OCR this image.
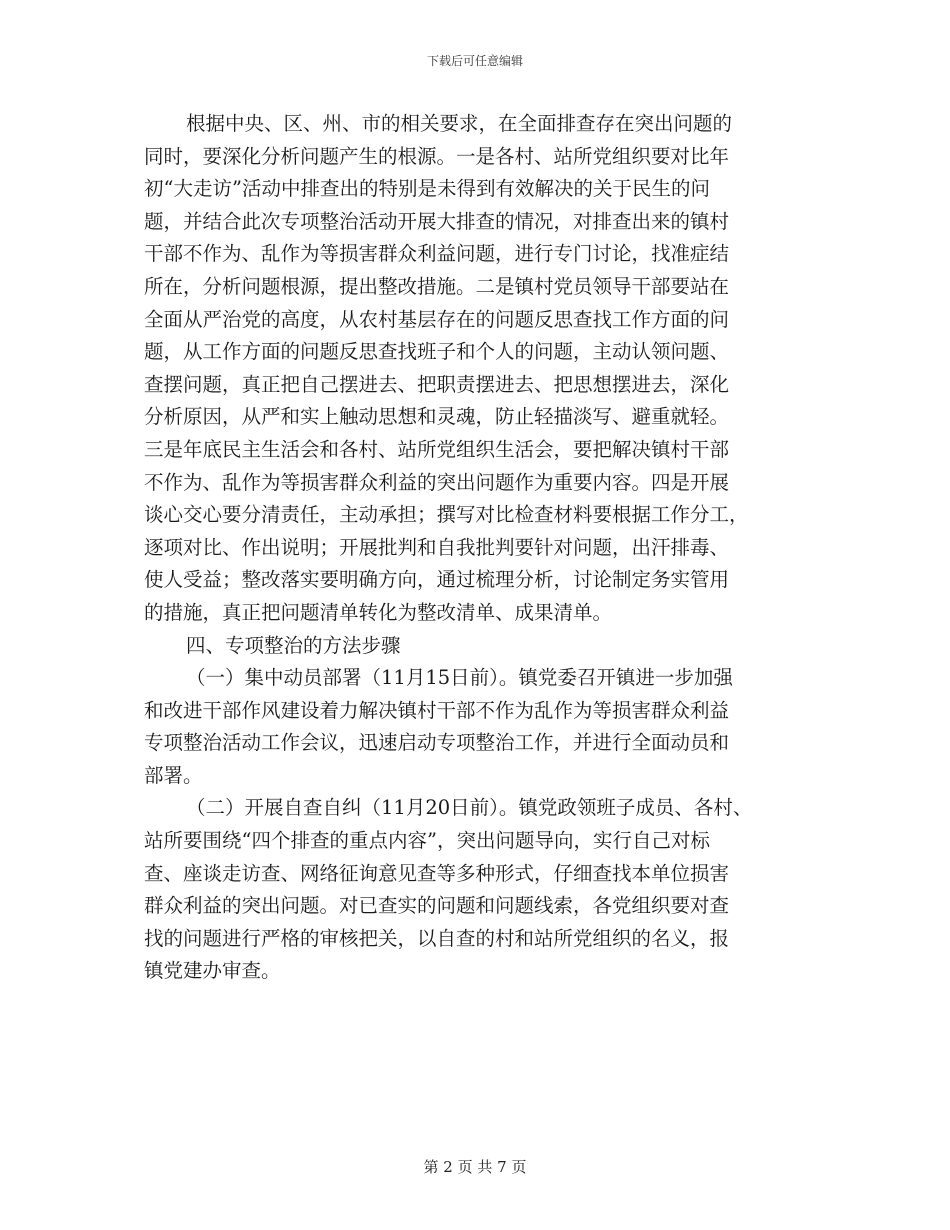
下载后可任意编辑
根据中央、区、州、市的相关要求，在全面排查存在突出问题的
同时，要深化分析问题产生的根源。一是各村、站所党组织要对比年
初“大走访”活动中排查出的特别是未得到有效解决的关于民生的问
题，并结合此次专项整治活动开展大排查的情况，对排查出来的镇村
干部不作为、乱作为等损害群众利益问题，进行专门讨论，找准症结
所在，分析问题根源，提出整改措施。二是镇村党员领导干部要站在
全面从严治党的高度，从农村基层存在的问题反思查找工作方面的问
题，从工作方面的问题反思查找班子和个人的问题，主动认领问题、
查摆问题，真正把自己摆进去、把职责摆进去、把思想摆进去，深化
分析原因，从严和实上触动思想和灵魂，防止轻描淡写、避重就轻。
三是年底民主生活会和各村、站所党组织生活会，要把解决镇村干部
不作为、乱作为等损害群众利益的突出问题作为重要内容。四是开展
谈心交心要分清责任，主动承担；撰写对比检查材料要根据工作分工，
逐项对比、作出说明；开展批判和自我批判要针对问题，出汗排毒、
使人受益；整改落实要明确方向，通过梳理分析，讨论制定务实管用
的措施，真正把问题清单转化为整改清单、成果清单。
四、专项整治的方法步骤
（一）集中动员部署（11月15日前）。镇党委召开镇进一步加强
和改进干部作风建设着力解决镇村干部不作为乱作为等损害群众利益
专项整治活动工作会议，迅速启动专项整治工作，并进行全面动员和
部署。
（二）开展自查自纠（11月20日前）。镇党政领班子成员、各村、
站所要围绕“四个排查的重点内容”，突出问题导向，实行自己对标
查、座谈走访查、网络征询意见查等多种形式，仔细查找本单位损害
群众利益的突出问题。对已查实的问题和问题线索，各党组织要对查
找的问题进行严格的审核把关，以自查的村和站所党组织的名义，报
镇党建办审查。
第 2 页 共 7 页
